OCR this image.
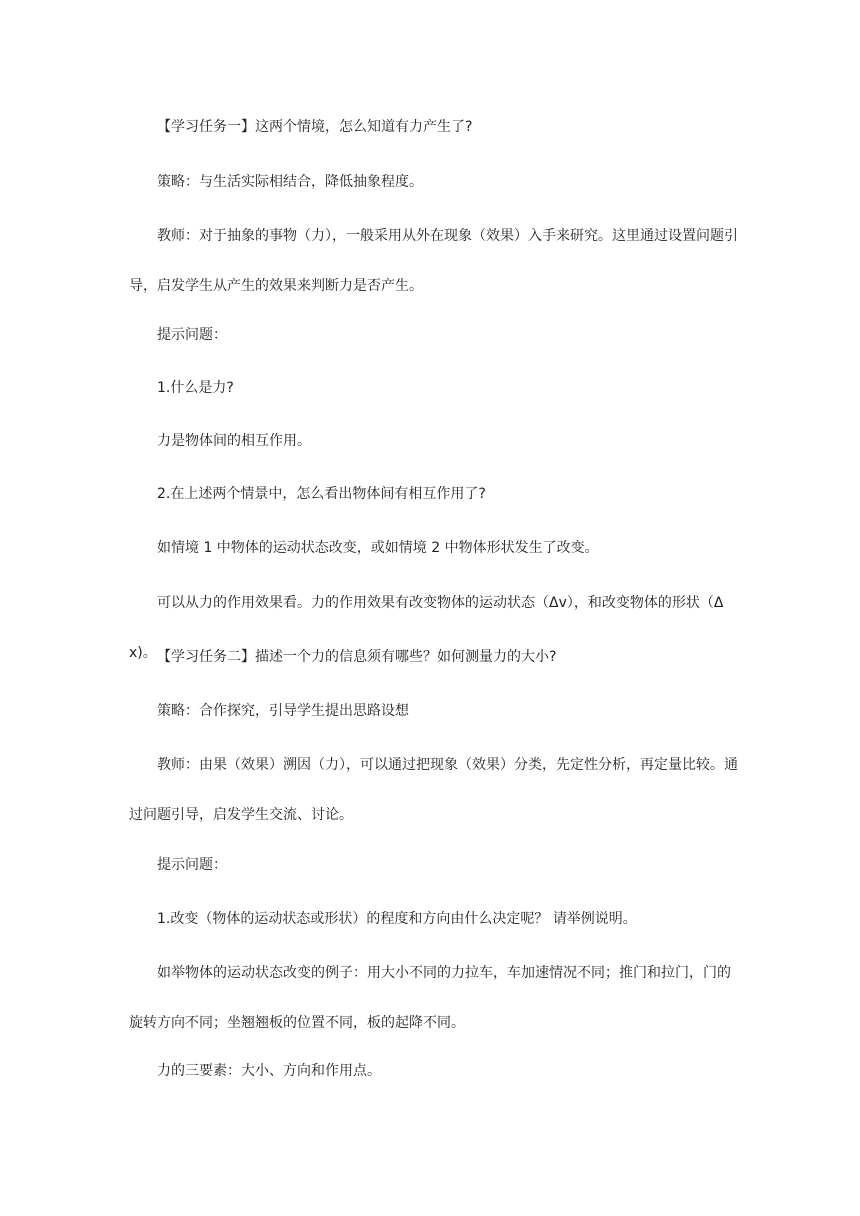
【学习任务一】这两个情境，怎么知道有力产生了?

策略：与生活实际相结合，降低抽象程度。

教师：对于抽象的事物（力），一般采用从外在现象（效果）入手来研究。这里通过设置问题引导，启发学生从产生的效果来判断力是否产生。

提示问题：

1.什么是力?

力是物体间的相互作用。

2.在上述两个情景中，怎么看出物体间有相互作用了?

如情境 1 中物体的运动状态改变，或如情境 2 中物体形状发生了改变。

可以从力的作用效果看。力的作用效果有改变物体的运动状态（Δv），和改变物体的形状（Δx)。 【学习任务二】描述一个力的信息须有哪些？如何测量力的大小?

策略：合作探究，引导学生提出思路设想

教师：由果（效果）溯因（力），可以通过把现象（效果）分类，先定性分析，再定量比较。通过问题引导，启发学生交流、讨论。

提示问题：

1.改变（物体的运动状态或形状）的程度和方向由什么决定呢？ 请举例说明。

如举物体的运动状态改变的例子：用大小不同的力拉车，车加速情况不同；推门和拉门，门的旋转方向不同；坐翘翘板的位置不同，板的起降不同。

力的三要素：大小、方向和作用点。
